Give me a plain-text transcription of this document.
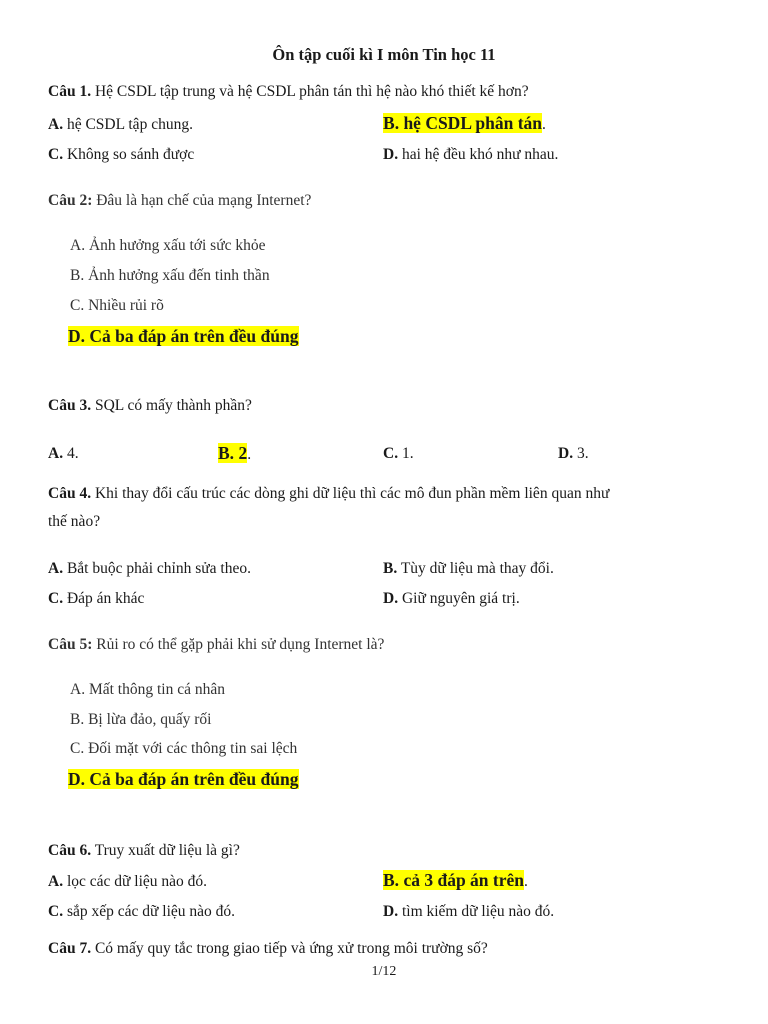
Ôn tập cuối kì I môn Tin học 11
Câu 1. Hệ CSDL tập trung và hệ CSDL phân tán thì hệ nào khó thiết kế hơn?
A. hệ CSDL tập chung.	B. hệ CSDL phân tán.
C. Không so sánh được	D. hai hệ đều khó như nhau.
Câu 2: Đâu là hạn chế của mạng Internet?
A. Ảnh hưởng xấu tới sức khỏe
B. Ảnh hưởng xấu đến tinh thần
C. Nhiều rủi rõ
D. Cả ba đáp án trên đều đúng
Câu 3. SQL có mấy thành phần?
A. 4.	B. 2.	C. 1.	D. 3.
Câu 4. Khi thay đổi cấu trúc các dòng ghi dữ liệu thì các mô đun phần mềm liên quan như
thế nào?
A. Bắt buộc phải chỉnh sửa theo.	B. Tùy dữ liệu mà thay đổi.
C. Đáp án khác	D. Giữ nguyên giá trị.
Câu 5: Rủi ro có thể gặp phải khi sử dụng Internet là?
A. Mất thông tin cá nhân
B. Bị lừa đảo, quấy rối
C. Đối mặt với các thông tin sai lệch
D. Cả ba đáp án trên đều đúng
Câu 6. Truy xuất dữ liệu là gì?
A. lọc các dữ liệu nào đó.	B. cả 3 đáp án trên.
C. sắp xếp các dữ liệu nào đó.	D. tìm kiếm dữ liệu nào đó.
Câu 7. Có mấy quy tắc trong giao tiếp và ứng xử trong môi trường số?
1/12
